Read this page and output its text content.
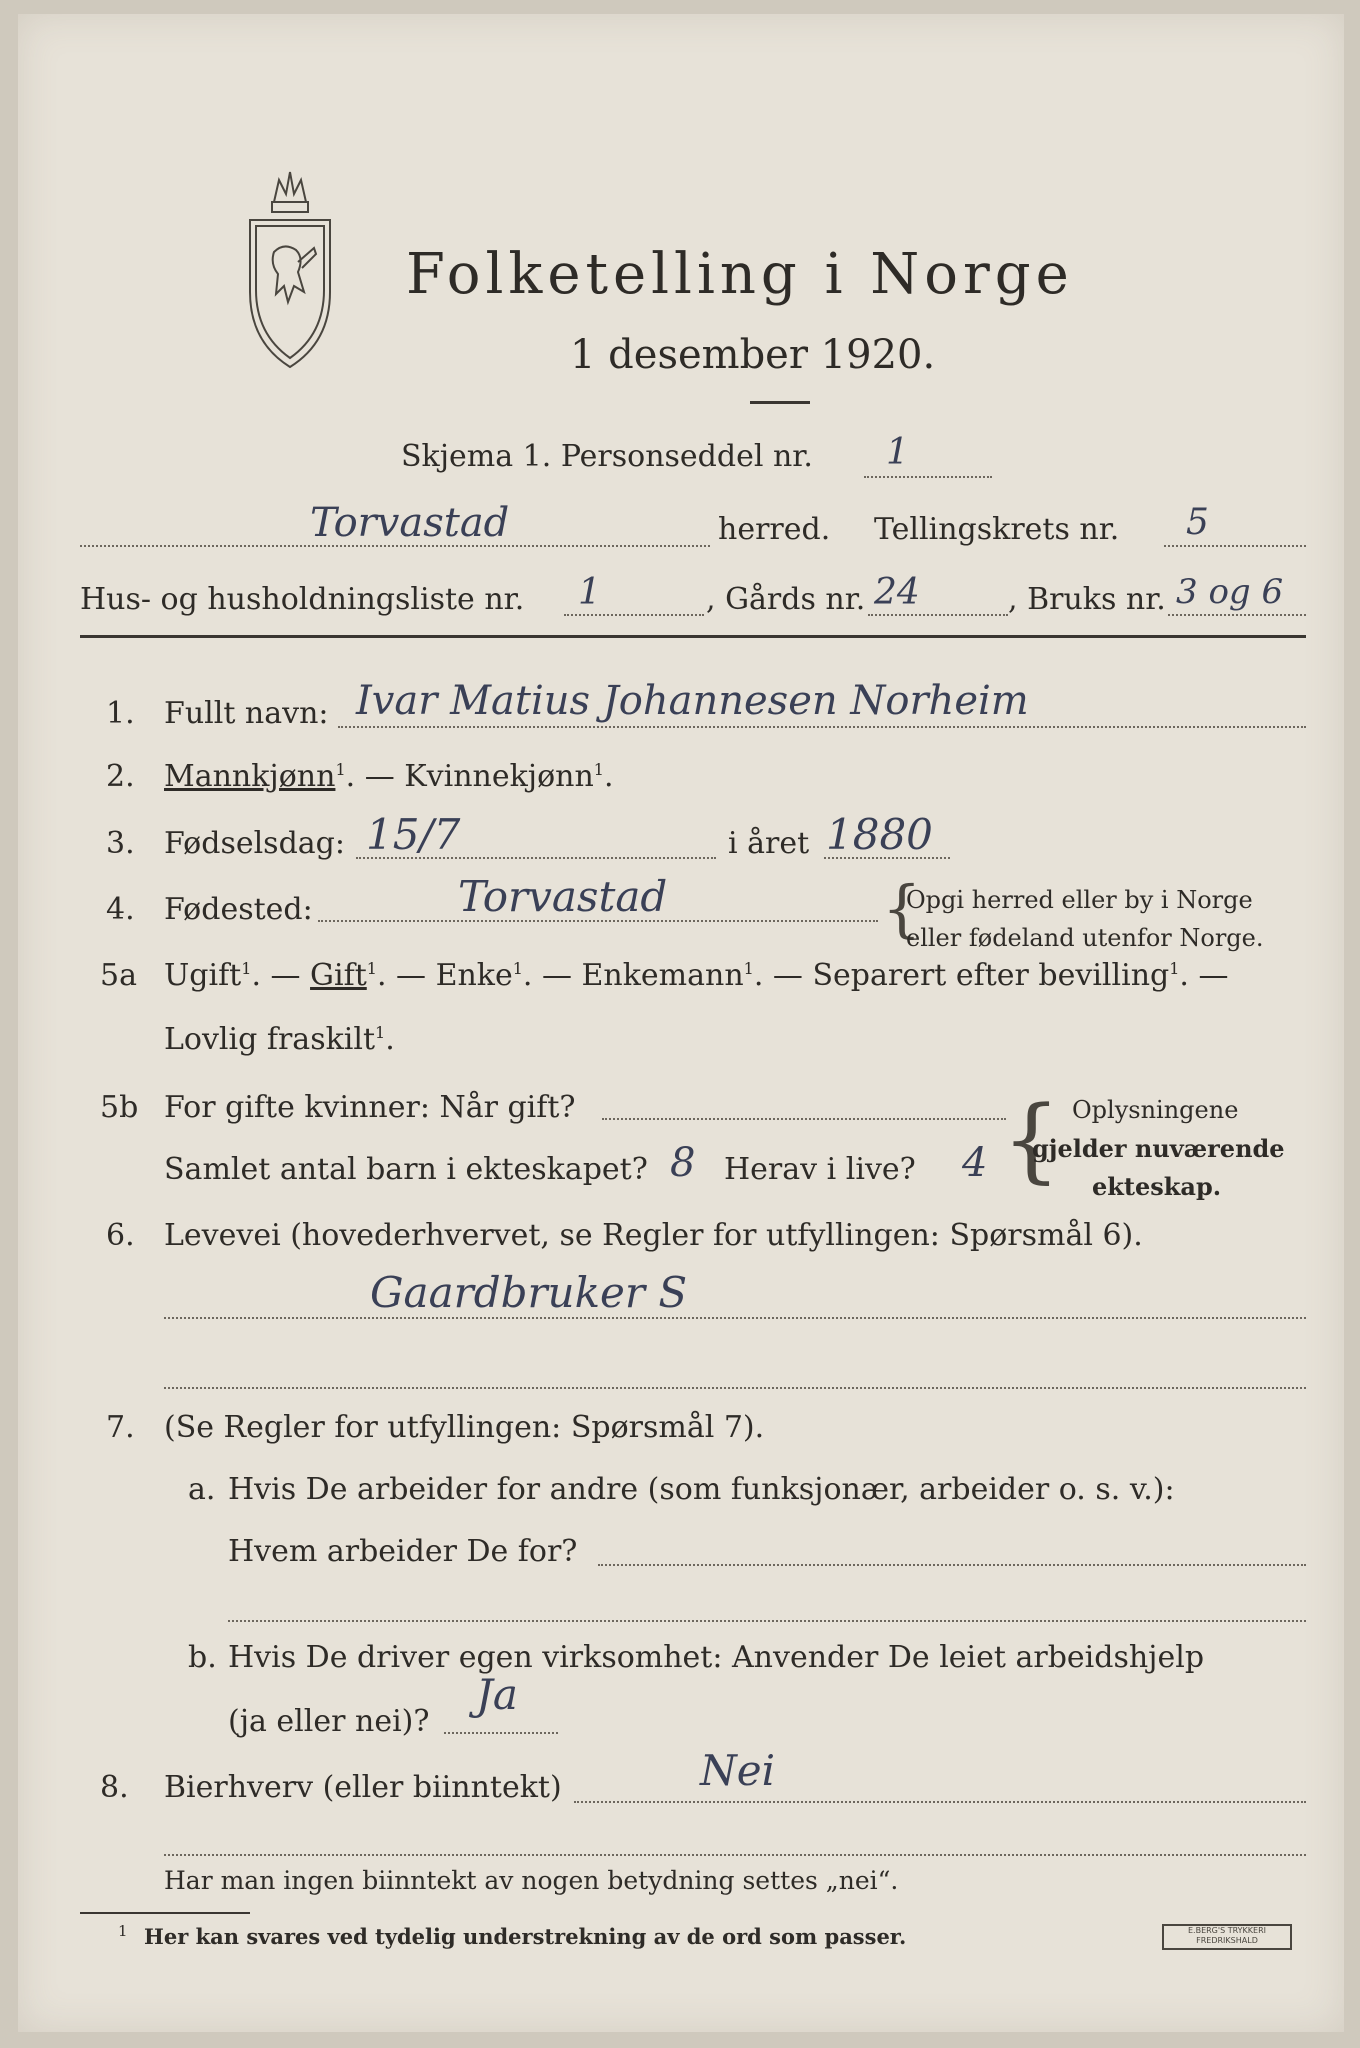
Folketelling i Norge
1 desember 1920.
Skjema 1. Personseddel nr. 1
Torvastad	herred. Tellingskrets nr. 5
Hus- og husholdningsliste nr. 1	, Gårds nr. 24	, Bruks nr. 3 og 6
1. Fullt navn: Ivar Matius Johannesen Norheim
2. Mannkjønn$^1$. — Kvinnekjønn$^1$.
3. Fødselsdag: 15/7	i året 1880
4. Fødested:	Torvastad	{
Opgi herred eller by i Norge
eller fødeland utenfor Norge.
5a Ugift$^1$. — Gift$^1$. — Enke$^1$. — Enkemann$^1$. — Separert efter bevilling$^1$. —
Lovlig fraskilt$^1$.
5b For gifte kvinner: Når gift?
Samlet antal barn i ekteskapet? 8 Herav i live? 4 { Oplysningene
gjelder nuværende
ekteskap.
6. Levevei (hovederhvervet, se Regler for utfyllingen: Spørsmål 6).
Gaardbruker S
7. (Se Regler for utfyllingen: Spørsmål 7).
a. Hvis De arbeider for andre (som funksjonær, arbeider o. s. v.):
Hvem arbeider De for?
b. Hvis De driver egen virksomhet: Anvender De leiet arbeidshjelp
(ja eller nei)?
Ja
8. Bierhverv (eller biinntekt)	Nei
Har man ingen biinntekt av nogen betydning settes „nei“.
1 Her kan svares ved tydelig understrekning av de ord som passer.	E.BERG'S TRYKKERI
FREDRIKSHALD
